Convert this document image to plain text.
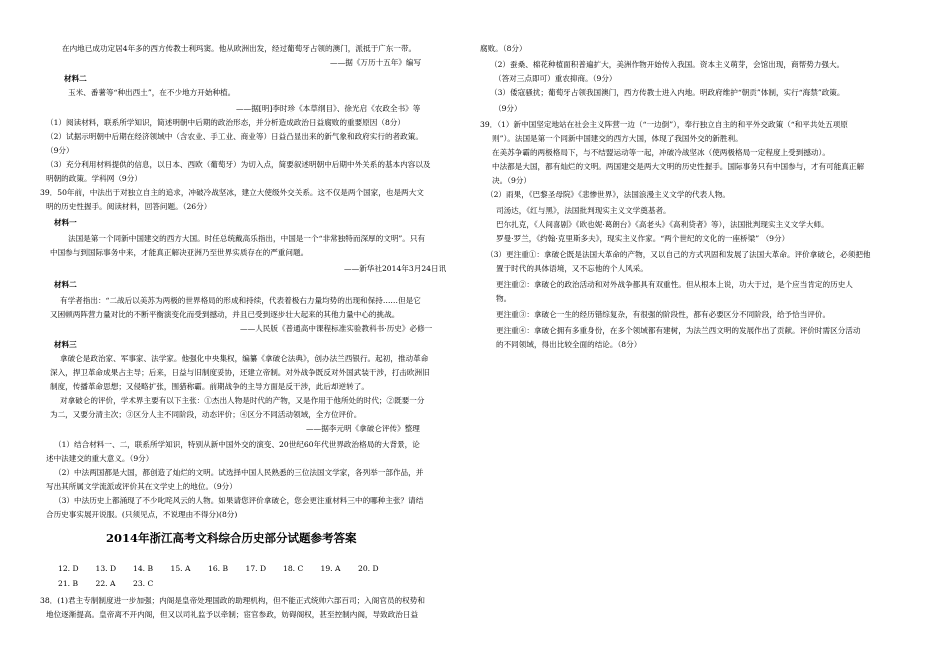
在内地已成功定居4年多的西方传教士利玛窦。他从欧洲出发，经过葡萄牙占领的澳门，派抵于广东一带。
——据《万历十五年》编写
材料二
玉米、番薯等“种出西土”，在不少地方开始种植。
——据[明]李时珍《本草纲目》、徐光启《农政全书》等
（1）阅读材料，联系所学知识，简述明朝中后期的政治形态，并分析造成政治日益腐败的重要原因（8分）
（2）试据示明朝中后期在经济领域中（含农业、手工业、商业等）日益凸显出来的新气象和政府实行的者政策。
（9分）
（3）充分利用材料提供的信息，以日本、西欧（葡萄牙）为切入点，简要叙述明朝中后期中外关系的基本内容以及
明朝的政策。学科网（9分）
39．50年前，中法出于对独立自主的追求，冲破冷战坚冰，建立大使级外交关系。这不仅是两个国家，也是两大文
明的历史性握手。阅读材料，回答问题。（26分）
材料一
法国是第一个同新中国建交的西方大国。时任总统戴高乐指出，中国是一个“非常独特而深厚的文明”。只有
中国参与到国际事务中来，才能真正解决亚洲乃至世界实质存在的严重问题。
——新华社2014年3月24日讯
材料二
有学者指出：“二战后以美苏为两极的世界格局的形成和持续，代表着极右力量均势的出现和保持……但是它
又困顿两阵营力量对比的不断平衡演变化而受到撼动，并且已受到逐步壮大起来的其他力量中心的挑战。
——人民版《普通高中课程标准实验教科书·历史》必修一
材料三
拿破仑是政治家、军事家、法学家。他强化中央集权，编纂《拿破仑法典》，创办法兰西银行。起初，推动革命
深入，捍卫革命成果占主导；后来，日益与旧制度妥协，还建立帝制。对外战争既反对外国武装干涉，打击欧洲旧
制度，传播革命思想；又侵略扩张，围猎称霸。前期战争的主导方面是反干涉，此后却逆转了。
对拿破仑的评价，学术界主要有以下主张：①杰出人物是时代的产物，又是作用于他所处的时代；②既要一分
为二，又要分清主次；③区分人主不同阶段，动态评价；④区分不同活动领域，全方位评价。
——据李元明《拿破仑评传》整理
（1）结合材料一、二，联系所学知识，特别从新中国外交的演变、20世纪60年代世界政治格局的大背景，论
述中法建交的重大意义。（9分）
（2）中法两国都是大国，都创造了灿烂的文明。试选择中国人民熟悉的三位法国文学家，各列举一部作品，并
写出其所属文学流派或评价其在文学史上的地位。（9分）
（3）中法历史上都涌现了不少叱咤风云的人物。如果请您评价拿破仑，您会更注重材料三中的哪种主张？请结
合历史事实展开说服。(只须见点，不说理由不得分)(8分)
2014年浙江高考文科综合历史部分试题参考答案
12. D 13. D 14. B 15. A 16. B 17. D 18. C 19. A 20. D
21. B 22. A 23. C
38．(1)君主专制制度进一步加强；内阁是皇帝处理国政的助理机构，但不能正式统帅六部百司；入阁官员的权势和
地位逐渐提高。皇帝离不开内阁，但又以司礼监予以牵制；宦官参政，妨碍阁权，甚至控制内阁，导致政治日益
腐败。（8分）
（2）蚕桑、棉花种植面积普遍扩大，美洲作物开始传入我国。资本主义萌芽，会馆出现，商帮势力强大。
（答对三点即可）重农抑商。（9分）
（3）倭寇骚扰；葡萄牙占领我国澳门，西方传教士进入内地。明政府维护“朝贡”体制，实行“海禁”政策。
（9分）
39．（1）新中国坚定地站在社会主义阵营一边（“一边倒”），奉行独立自主的和平外交政策（“和平共处五项原
则”）。法国是第一个同新中国建交的西方大国，体现了我国外交的新胜利。
在美苏争霸的两极格局下，与不结盟运动等一起，冲破冷战坚冰（使两极格局一定程度上受到撼动）。
中法都是大国，都有灿烂的文明。两国建交是两大文明的历史性握手。国际事务只有中国参与，才有可能真正解
决。（9分）
（2）雨果，《巴黎圣母院》《悲惨世界》，法国浪漫主义文学的代表人物。
司汤达，《红与黑》，法国批判现实主义文学奠基者。
巴尔扎克，《人间喜剧》《欧也妮·葛朗台》《高老头》《高利贷者》等），法国批判现实主义文学大师。
罗曼·罗兰，《约翰·克里斯多夫》，现实主义作家。“两个世纪的文化的一座桥梁” （9分）
（3）更注重①：拿破仑既是法国大革命的产物，又以自己的方式巩固和发展了法国大革命。评价拿破仑，必须把他
置于时代的具体语境，又不忘他的个人风采。
更注重②：拿破仑的政治活动和对外战争都具有双重性。但从根本上说，功大于过，是个应当肯定的历史人
物。
更注重③：拿破仑一生的经历错综复杂，有很强的阶段性，都有必要区分不同阶段，给予恰当评价。
更注重④：拿破仑拥有多重身份，在多个领域都有建树，为法兰西文明的发展作出了贡献。评价时需区分活动
的不同领域，得出比较全面的结论。（8分）
